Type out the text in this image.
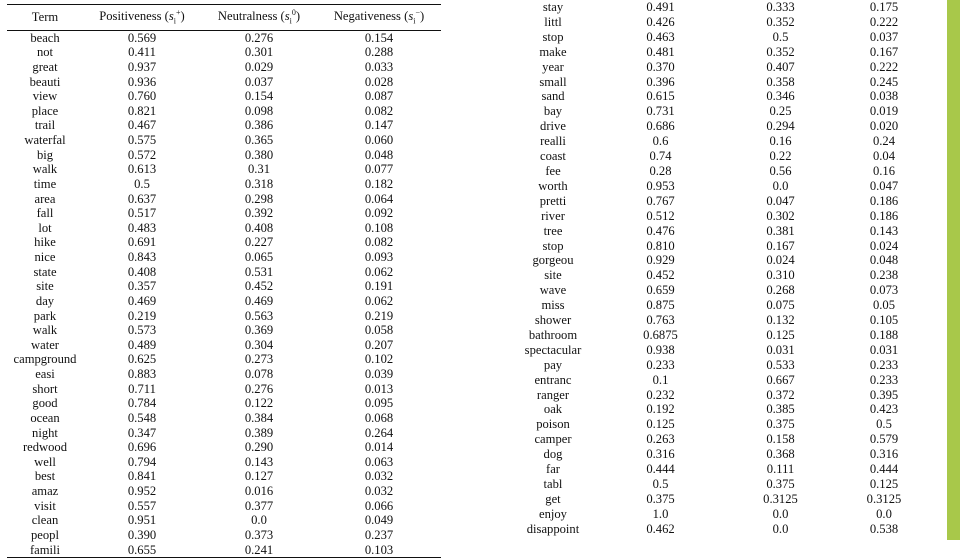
Term	Positiveness $(s_i^+)$	Neutralness $(s_i^0)$	Negativeness $(s_i^-)$
beach	0.569	0.276	0.154
not	0.411	0.301	0.288
great	0.937	0.029	0.033
beauti	0.936	0.037	0.028
view	0.760	0.154	0.087
place	0.821	0.098	0.082
trail	0.467	0.386	0.147
waterfal	0.575	0.365	0.060
big	0.572	0.380	0.048
walk	0.613	0.31	0.077
time	0.5	0.318	0.182
area	0.637	0.298	0.064
fall	0.517	0.392	0.092
lot	0.483	0.408	0.108
hike	0.691	0.227	0.082
nice	0.843	0.065	0.093
state	0.408	0.531	0.062
site	0.357	0.452	0.191
day	0.469	0.469	0.062
park	0.219	0.563	0.219
walk	0.573	0.369	0.058
water	0.489	0.304	0.207
campground	0.625	0.273	0.102
easi	0.883	0.078	0.039
short	0.711	0.276	0.013
good	0.784	0.122	0.095
ocean	0.548	0.384	0.068
night	0.347	0.389	0.264
redwood	0.696	0.290	0.014
well	0.794	0.143	0.063
best	0.841	0.127	0.032
amaz	0.952	0.016	0.032
visit	0.557	0.377	0.066
clean	0.951	0.0	0.049
peopl	0.390	0.373	0.237
famili	0.655	0.241	0.103
stay	0.491	0.333	0.175
littl	0.426	0.352	0.222
stop	0.463	0.5	0.037
make	0.481	0.352	0.167
year	0.370	0.407	0.222
small	0.396	0.358	0.245
sand	0.615	0.346	0.038
bay	0.731	0.25	0.019
drive	0.686	0.294	0.020
realli	0.6	0.16	0.24
coast	0.74	0.22	0.04
fee	0.28	0.56	0.16
worth	0.953	0.0	0.047
pretti	0.767	0.047	0.186
river	0.512	0.302	0.186
tree	0.476	0.381	0.143
stop	0.810	0.167	0.024
gorgeou	0.929	0.024	0.048
site	0.452	0.310	0.238
wave	0.659	0.268	0.073
miss	0.875	0.075	0.05
shower	0.763	0.132	0.105
bathroom	0.6875	0.125	0.188
spectacular	0.938	0.031	0.031
pay	0.233	0.533	0.233
entranc	0.1	0.667	0.233
ranger	0.232	0.372	0.395
oak	0.192	0.385	0.423
poison	0.125	0.375	0.5
camper	0.263	0.158	0.579
dog	0.316	0.368	0.316
far	0.444	0.111	0.444
tabl	0.5	0.375	0.125
get	0.375	0.3125	0.3125
enjoy	1.0	0.0	0.0
disappoint	0.462	0.0	0.538
